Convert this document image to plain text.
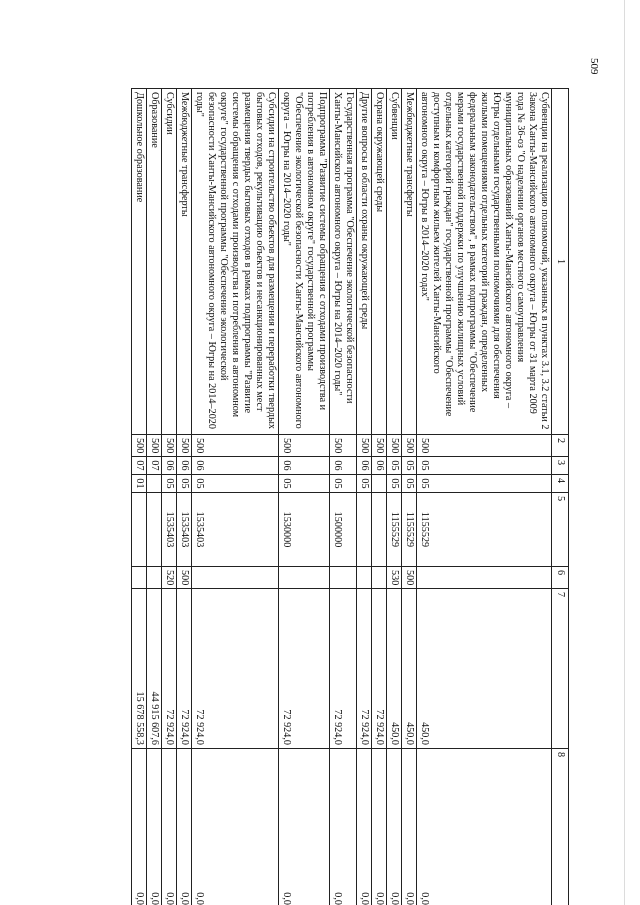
509
1	2	3	4	5	6	7	8
Субвенции на реализацию полномочий, указанных в пунктах 3.1, 3.2 статьи 2 Закона Ханты-Мансийского автономного округа – Югры от 31 марта 2009 года № 36-оз "О наделении органов местного самоуправления муниципальных образований Ханты-Мансийского автономного округа – Югры отдельными государственными полномочиями для обеспечения жилыми помещениями отдельных категорий граждан, определенных федеральным законодательством", в рамках подпрограммы "Обеспечение мерами государственной поддержки по улучшению жилищных условий отдельных категорий граждан" государственной программы "Обеспечение доступным и комфортным жильем жителей Ханты-Мансийского автономного округа – Югры в 2014–2020 годах"	500	05	05	1155529		450,0	0,0
Межбюджетные трансферты	500	05	05	1155529	500	450,0	0,0
Субвенции	500	05	05	1155529	530	450,0	0,0
Охрана окружающей среды	500	06				72 924,0	0,0
Другие вопросы в области охраны окружающей среды	500	06	05			72 924,0	0,0
Государственная программа "Обеспечение экологической безопасности Ханты-Мансийского автономного округа – Югры на 2014–2020 годы"	500	06	05	1500000		72 924,0	0,0
Подпрограмма "Развитие системы обращения с отходами производства и потребления в автономном округе" государственной программы "Обеспечение экологической безопасности Ханты-Мансийского автономного округа – Югры на 2014–2020 годы"	500	06	05	1530000		72 924,0	0,0
Субсидии на строительство объектов для размещения и переработки твердых бытовых отходов, рекультивацию объектов и несанкционированных мест размещения твердых бытовых отходов в рамках подпрограммы "Развитие системы обращения с отходами производства и потребления в автономном округе" государственной программы "Обеспечение экологической безопасности Ханты-Мансийского автономного округа – Югры на 2014–2020 годы"	500	06	05	1535403		72 924,0	0,0
Межбюджетные трансферты	500	06	05	1535403	500	72 924,0	0,0
Субсидии	500	06	05	1535403	520	72 924,0	0,0
Образование	500	07				44 915 607,6	0,0
Дошкольное образование	500	07	01			15 678 558,3	0,0
